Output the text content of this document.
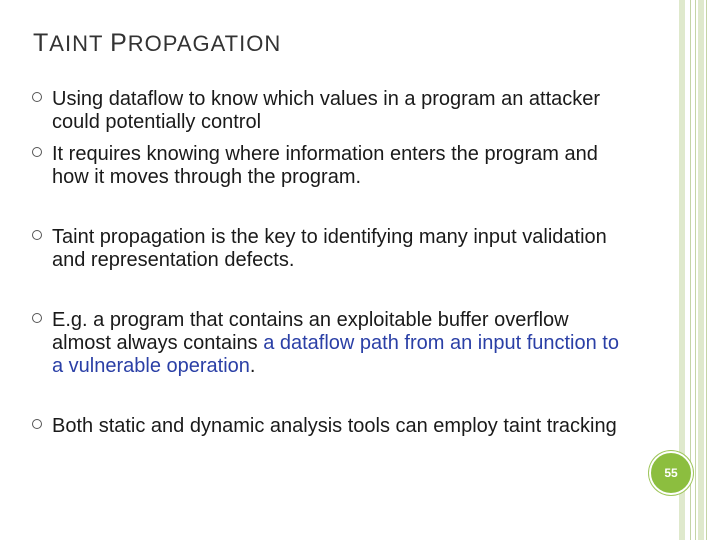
TAINT PROPAGATION
Using dataflow to know which values in a program an attacker could potentially control
It requires knowing where information enters the program and how it moves through the program.
Taint propagation is the key to identifying many input validation and representation defects.
E.g. a program that contains an exploitable buffer overflow almost always contains a dataflow path from an input function to a vulnerable operation.
Both static and dynamic analysis tools can employ taint tracking
55
